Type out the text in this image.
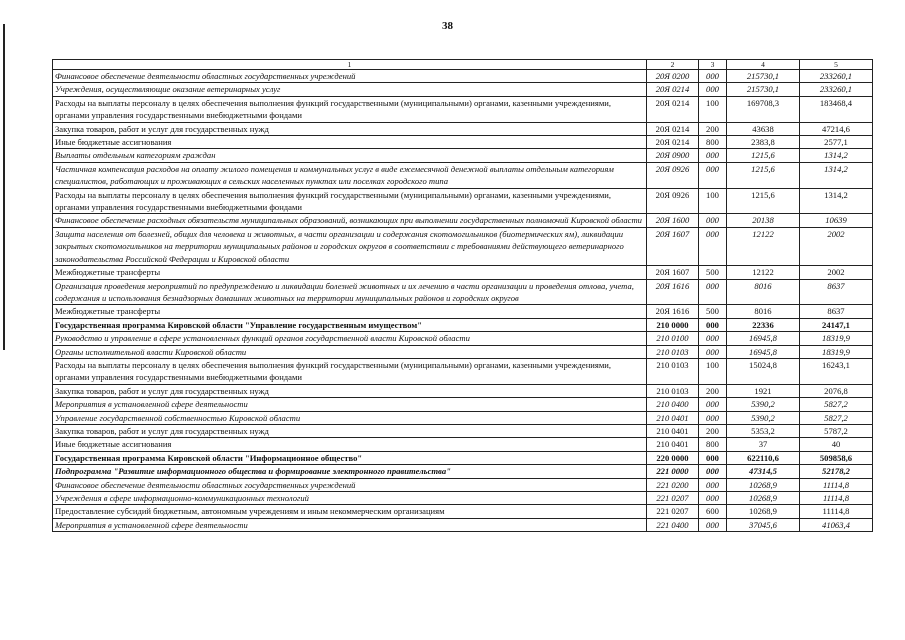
38
1	2	3	4	5
Финансовое обеспечение деятельности областных государственных учреждений	20Я 0200	000	215730,1	233260,1
Учреждения, осуществляющие оказание ветеринарных услуг	20Я 0214	000	215730,1	233260,1
Расходы на выплаты персоналу в целях обеспечения выполнения функций государственными (муниципальными) органами, казенными учреждениями, органами управления государственными внебюджетными фондами	20Я 0214	100	169708,3	183468,4
Закупка товаров, работ и услуг для государственных нужд	20Я 0214	200	43638	47214,6
Иные бюджетные ассигнования	20Я 0214	800	2383,8	2577,1
Выплаты отдельным категориям граждан	20Я 0900	000	1215,6	1314,2
Частичная компенсация расходов на оплату жилого помещения и коммунальных услуг в виде ежемесячной денежной выплаты отдельным категориям специалистов, работающих и проживающих в сельских населенных пунктах или поселках городского типа	20Я 0926	000	1215,6	1314,2
Расходы на выплаты персоналу в целях обеспечения выполнения функций государственными (муниципальными) органами, казенными учреждениями, органами управления государственными внебюджетными фондами	20Я 0926	100	1215,6	1314,2
Финансовое обеспечение расходных обязательств муниципальных образований, возникающих при выполнении государственных полномочий Кировской области	20Я 1600	000	20138	10639
Защита населения от болезней, общих для человека и животных, в части организации и содержания скотомогильников (биотермических ям), ликвидации закрытых скотомогильников на территории муниципальных районов и городских округов в соответствии с требованиями действующего ветеринарного законодательства Российской Федерации и Кировской области	20Я 1607	000	12122	2002
Межбюджетные трансферты	20Я 1607	500	12122	2002
Организация проведения мероприятий по предупреждению и ликвидации болезней животных и их лечению в части организации и проведения отлова, учета, содержания и использования безнадзорных домашних животных на территории муниципальных районов и городских округов	20Я 1616	000	8016	8637
Межбюджетные трансферты	20Я 1616	500	8016	8637
Государственная программа Кировской области "Управление государственным имуществом"	210 0000	000	22336	24147,1
Руководство и управление в сфере установленных функций органов государственной власти Кировской области	210 0100	000	16945,8	18319,9
Органы исполнительной власти Кировской области	210 0103	000	16945,8	18319,9
Расходы на выплаты персоналу в целях обеспечения выполнения функций государственными (муниципальными) органами, казенными учреждениями, органами управления государственными внебюджетными фондами	210 0103	100	15024,8	16243,1
Закупка товаров, работ и услуг для государственных нужд	210 0103	200	1921	2076,8
Мероприятия в установленной сфере деятельности	210 0400	000	5390,2	5827,2
Управление государственной собственностью Кировской области	210 0401	000	5390,2	5827,2
Закупка товаров, работ и услуг для государственных нужд	210 0401	200	5353,2	5787,2
Иные бюджетные ассигнования	210 0401	800	37	40
Государственная программа Кировской области "Информационное общество"	220 0000	000	622110,6	509858,6
Подпрограмма "Развитие информационного общества и формирование электронного правительства"	221 0000	000	47314,5	52178,2
Финансовое обеспечение деятельности областных государственных учреждений	221 0200	000	10268,9	11114,8
Учреждения в сфере информационно-коммуникационных технологий	221 0207	000	10268,9	11114,8
Предоставление субсидий бюджетным, автономным учреждениям и иным некоммерческим организациям	221 0207	600	10268,9	11114,8
Мероприятия в установленной сфере деятельности	221 0400	000	37045,6	41063,4
